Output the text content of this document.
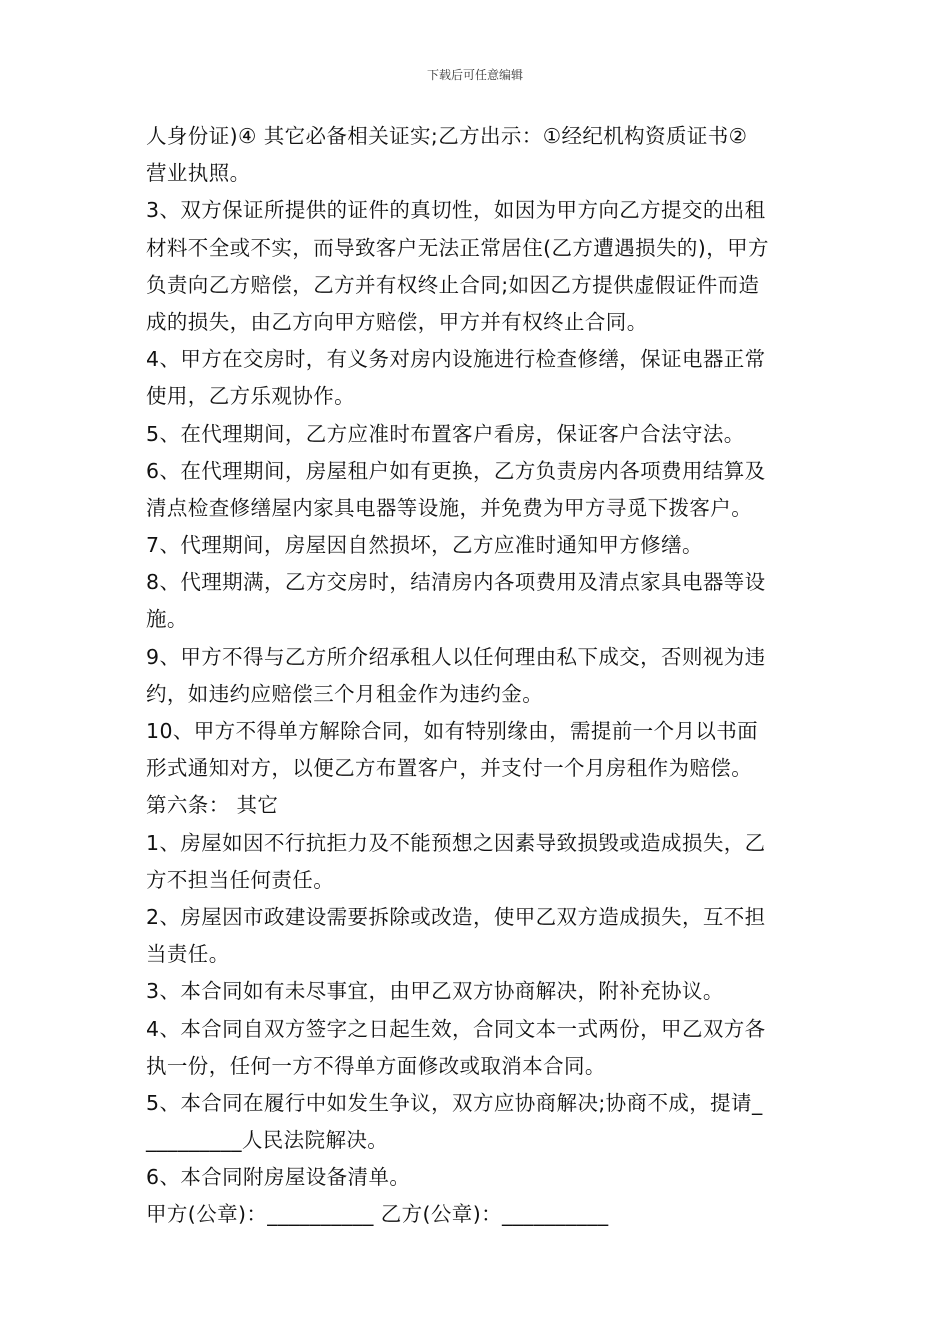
下载后可任意编辑
人身份证)④ 其它必备相关证实;乙方出示：①经纪机构资质证书②
营业执照。
3、双方保证所提供的证件的真切性，如因为甲方向乙方提交的出租
材料不全或不实，而导致客户无法正常居住(乙方遭遇损失的)，甲方
负责向乙方赔偿，乙方并有权终止合同;如因乙方提供虚假证件而造
成的损失，由乙方向甲方赔偿，甲方并有权终止合同。
4、甲方在交房时，有义务对房内设施进行检查修缮，保证电器正常
使用，乙方乐观协作。
5、在代理期间，乙方应准时布置客户看房，保证客户合法守法。
6、在代理期间，房屋租户如有更换，乙方负责房内各项费用结算及
清点检查修缮屋内家具电器等设施，并免费为甲方寻觅下拨客户。
7、代理期间，房屋因自然损坏，乙方应准时通知甲方修缮。
8、代理期满，乙方交房时，结清房内各项费用及清点家具电器等设
施。
9、甲方不得与乙方所介绍承租人以任何理由私下成交，否则视为违
约，如违约应赔偿三个月租金作为违约金。
10、甲方不得单方解除合同，如有特别缘由，需提前一个月以书面
形式通知对方，以便乙方布置客户，并支付一个月房租作为赔偿。
第六条： 其它
1、房屋如因不行抗拒力及不能预想之因素导致损毁或造成损失，乙
方不担当任何责任。
2、房屋因市政建设需要拆除或改造，使甲乙双方造成损失，互不担
当责任。
3、本合同如有未尽事宜，由甲乙双方协商解决，附补充协议。
4、本合同自双方签字之日起生效，合同文本一式两份，甲乙双方各
执一份，任何一方不得单方面修改或取消本合同。
5、本合同在履行中如发生争议，双方应协商解决;协商不成，提请_
_________人民法院解决。
6、本合同附房屋设备清单。
甲方(公章)：__________ 乙方(公章)：__________
